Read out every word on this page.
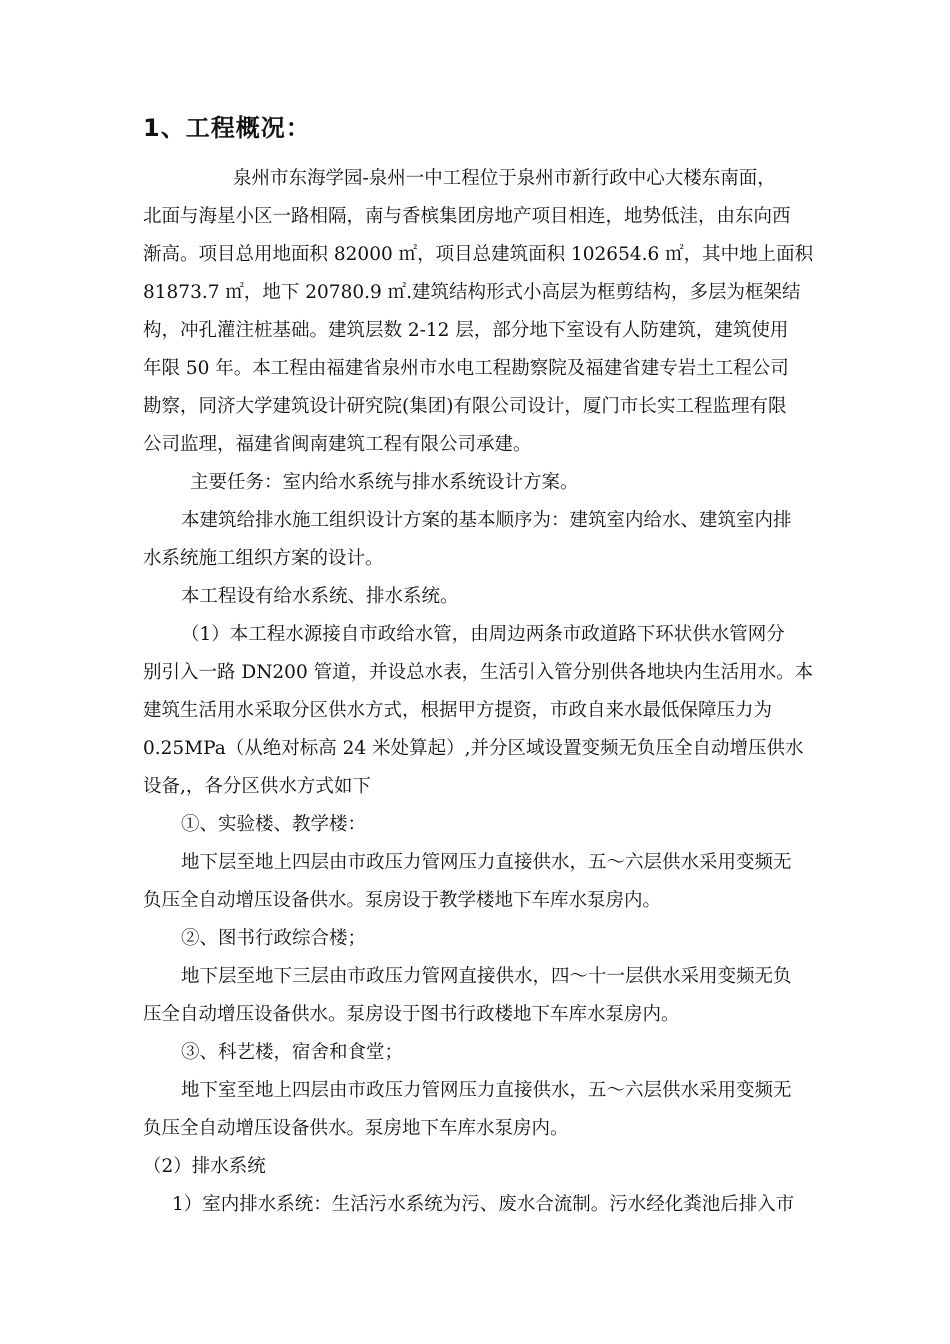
1、工程概况：
泉州市东海学园-泉州一中工程位于泉州市新行政中心大楼东南面，
北面与海星小区一路相隔，南与香槟集团房地产项目相连，地势低洼，由东向西
渐高。项目总用地面积 82000 ㎡，项目总建筑面积 102654.6 ㎡，其中地上面积
81873.7 ㎡，地下 20780.9 ㎡.建筑结构形式小高层为框剪结构，多层为框架结
构，冲孔灌注桩基础。建筑层数 2-12 层，部分地下室设有人防建筑，建筑使用
年限 50 年。本工程由福建省泉州市水电工程勘察院及福建省建专岩土工程公司
勘察，同济大学建筑设计研究院(集团)有限公司设计，厦门市长实工程监理有限
公司监理，福建省闽南建筑工程有限公司承建。
主要任务：室内给水系统与排水系统设计方案。
本建筑给排水施工组织设计方案的基本顺序为：建筑室内给水、建筑室内排
水系统施工组织方案的设计。
本工程设有给水系统、排水系统。
（1）本工程水源接自市政给水管，由周边两条市政道路下环状供水管网分
别引入一路 DN200 管道，并设总水表，生活引入管分别供各地块内生活用水。本
建筑生活用水采取分区供水方式，根据甲方提资，市政自来水最低保障压力为
0.25MPa（从绝对标高 24 米处算起）,并分区域设置变频无负压全自动增压供水
设备,，各分区供水方式如下
①、实验楼、教学楼：
地下层至地上四层由市政压力管网压力直接供水，五～六层供水采用变频无
负压全自动增压设备供水。泵房设于教学楼地下车库水泵房内。
②、图书行政综合楼；
地下层至地下三层由市政压力管网直接供水，四～十一层供水采用变频无负
压全自动增压设备供水。泵房设于图书行政楼地下车库水泵房内。
③、科艺楼，宿舍和食堂；
地下室至地上四层由市政压力管网压力直接供水，五～六层供水采用变频无
负压全自动增压设备供水。泵房地下车库水泵房内。
（2）排水系统
1）室内排水系统：生活污水系统为污、废水合流制。污水经化粪池后排入市
